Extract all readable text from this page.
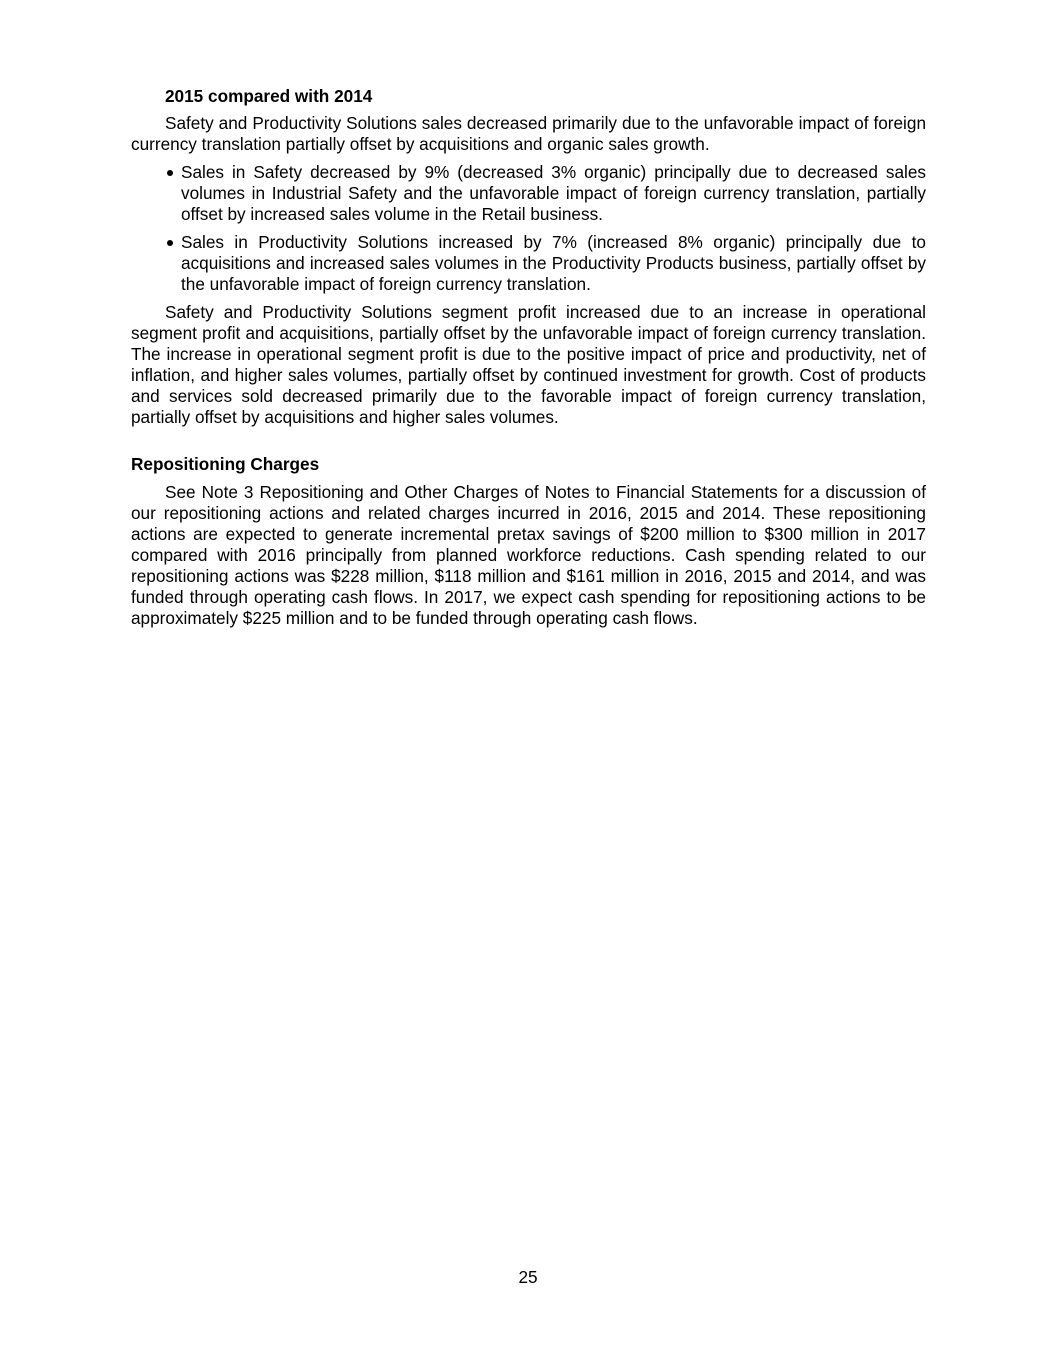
2015 compared with 2014

Safety and Productivity Solutions sales decreased primarily due to the unfavorable impact of foreign currency translation partially offset by acquisitions and organic sales growth.

Sales in Safety decreased by 9% (decreased 3% organic) principally due to decreased sales volumes in Industrial Safety and the unfavorable impact of foreign currency translation, partially offset by increased sales volume in the Retail business.
Sales in Productivity Solutions increased by 7% (increased 8% organic) principally due to acquisitions and increased sales volumes in the Productivity Products business, partially offset by the unfavorable impact of foreign currency translation.

Safety and Productivity Solutions segment profit increased due to an increase in operational segment profit and acquisitions, partially offset by the unfavorable impact of foreign currency translation. The increase in operational segment profit is due to the positive impact of price and productivity, net of inflation, and higher sales volumes, partially offset by continued investment for growth. Cost of products and services sold decreased primarily due to the favorable impact of foreign currency translation, partially offset by acquisitions and higher sales volumes.

Repositioning Charges

See Note 3 Repositioning and Other Charges of Notes to Financial Statements for a discussion of our repositioning actions and related charges incurred in 2016, 2015 and 2014. These repositioning actions are expected to generate incremental pretax savings of $200 million to $300 million in 2017 compared with 2016 principally from planned workforce reductions. Cash spending related to our repositioning actions was $228 million, $118 million and $161 million in 2016, 2015 and 2014, and was funded through operating cash flows. In 2017, we expect cash spending for repositioning actions to be approximately $225 million and to be funded through operating cash flows.

25
